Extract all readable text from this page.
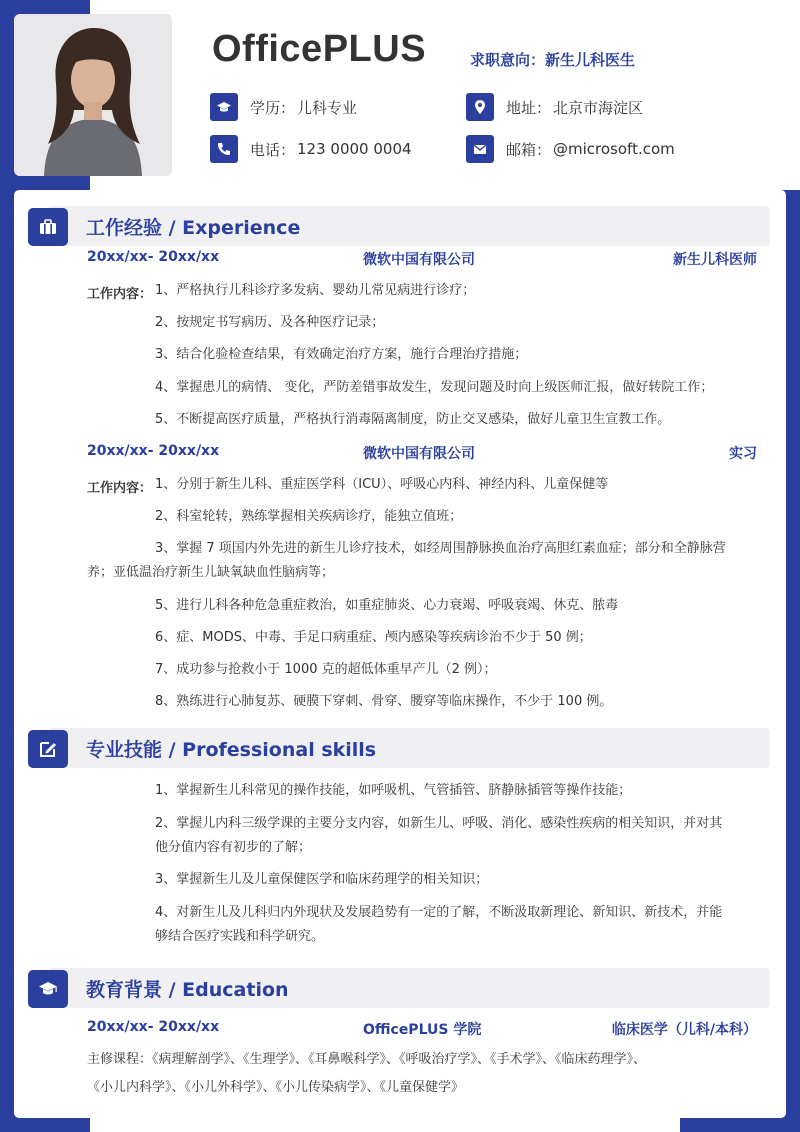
OfficePLUS	求职意向：新生儿科医生
学历： 儿科专业	地址： 北京市海淀区
电话： 123 0000 0004	邮箱： @microsoft.com
工作经验 / Experience
20xx/xx- 20xx/xx	微软中国有限公司	新生儿科医师
工作内容： 1、严格执行儿科诊疗多发病、婴幼儿常见病进行诊疗；
2、按规定书写病历、及各种医疗记录；
3、结合化验检查结果，有效确定治疗方案，施行合理治疗措施；
4、掌握患儿的病情、 变化，严防差错事故发生，发现问题及时向上级医师汇报，做好转院工作；
5、不断提高医疗质量，严格执行消毒隔离制度，防止交叉感染，做好儿童卫生宣教工作。
20xx/xx- 20xx/xx	微软中国有限公司	实习
工作内容： 1、分别于新生儿科、重症医学科（ICU）、呼吸心内科、神经内科、儿童保健等
2、科室轮转，熟练掌握相关疾病诊疗，能独立值班；
3、掌握 7 项国内外先进的新生儿诊疗技术，如经周围静脉换血治疗高胆红素血症；部分和全静脉营
养；亚低温治疗新生儿缺氧缺血性脑病等；
5、进行儿科各种危急重症救治，如重症肺炎、心力衰竭、呼吸衰竭、休克、脓毒
6、症、MODS、中毒、手足口病重症、颅内感染等疾病诊治不少于 50 例；
7、成功参与抢救小于 1000 克的超低体重早产儿（2 例）；
8、熟练进行心肺复苏、硬膜下穿刺、骨穿、腰穿等临床操作，不少于 100 例。
专业技能 / Professional skills
1、掌握新生儿科常见的操作技能，如呼吸机、气管插管、脐静脉插管等操作技能；
2、掌握儿内科三级学课的主要分支内容，如新生儿、呼吸、消化、感染性疾病的相关知识，并对其
他分值内容有初步的了解；
3、掌握新生儿及儿童保健医学和临床药理学的相关知识；
4、对新生儿及儿科归内外现状及发展趋势有一定的了解，不断汲取新理论、新知识、新技术，并能
够结合医疗实践和科学研究。
教育背景 / Education
20xx/xx- 20xx/xx	OfficePLUS 学院	临床医学（儿科/本科）
主修课程：《病理解剖学》、《生理学》、《耳鼻喉科学》、《呼吸治疗学》、《手术学》、《临床药理学》、
《小儿内科学》、《小儿外科学》、《小儿传染病学》、《儿童保健学》
